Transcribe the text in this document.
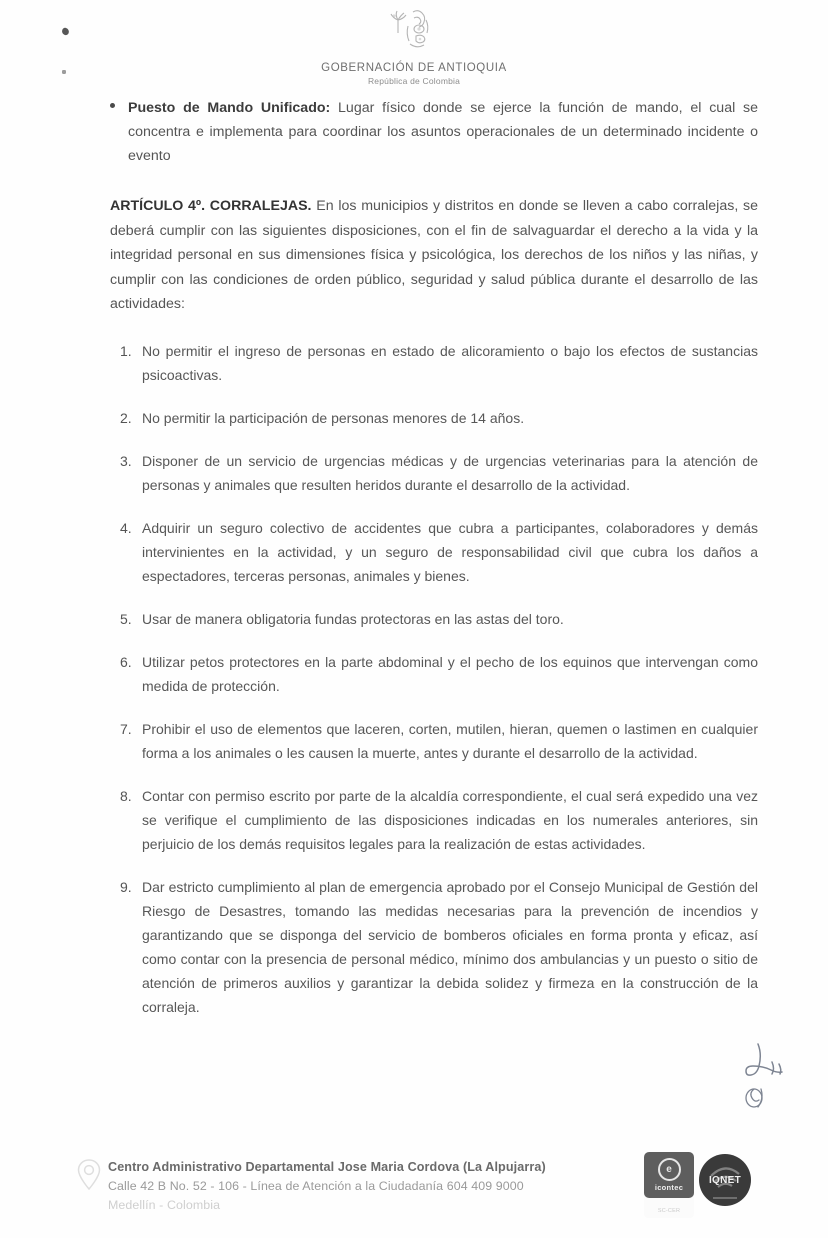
GOBERNACIÓN DE ANTIOQUIA
República de Colombia
Puesto de Mando Unificado: Lugar físico donde se ejerce la función de mando, el cual se concentra e implementa para coordinar los asuntos operacionales de un determinado incidente o evento

ARTÍCULO 4º. CORRALEJAS. En los municipios y distritos en donde se lleven a cabo corralejas, se deberá cumplir con las siguientes disposiciones, con el fin de salvaguardar el derecho a la vida y la integridad personal en sus dimensiones física y psicológica, los derechos de los niños y las niñas, y cumplir con las condiciones de orden público, seguridad y salud pública durante el desarrollo de las actividades:

1. No permitir el ingreso de personas en estado de alicoramiento o bajo los efectos de sustancias psicoactivas.
2. No permitir la participación de personas menores de 14 años.
3. Disponer de un servicio de urgencias médicas y de urgencias veterinarias para la atención de personas y animales que resulten heridos durante el desarrollo de la actividad.
4. Adquirir un seguro colectivo de accidentes que cubra a participantes, colaboradores y demás intervinientes en la actividad, y un seguro de responsabilidad civil que cubra los daños a espectadores, terceras personas, animales y bienes.
5. Usar de manera obligatoria fundas protectoras en las astas del toro.
6. Utilizar petos protectores en la parte abdominal y el pecho de los equinos que intervengan como medida de protección.
7. Prohibir el uso de elementos que laceren, corten, mutilen, hieran, quemen o lastimen en cualquier forma a los animales o les causen la muerte, antes y durante el desarrollo de la actividad.
8. Contar con permiso escrito por parte de la alcaldía correspondiente, el cual será expedido una vez se verifique el cumplimiento de las disposiciones indicadas en los numerales anteriores, sin perjuicio de los demás requisitos legales para la realización de estas actividades.
9. Dar estricto cumplimiento al plan de emergencia aprobado por el Consejo Municipal de Gestión del Riesgo de Desastres, tomando las medidas necesarias para la prevención de incendios y garantizando que se disponga del servicio de bomberos oficiales en forma pronta y eficaz, así como contar con la presencia de personal médico, mínimo dos ambulancias y un puesto o sitio de atención de primeros auxilios y garantizar la debida solidez y firmeza en la construcción de la corraleja.
Centro Administrativo Departamental Jose Maria Cordova (La Alpujarra)
Calle 42 B No. 52 - 106 - Línea de Atención a la Ciudadanía 604 409 9000
Medellín - Colombia
e
icontec
SC-CER
IQNET
